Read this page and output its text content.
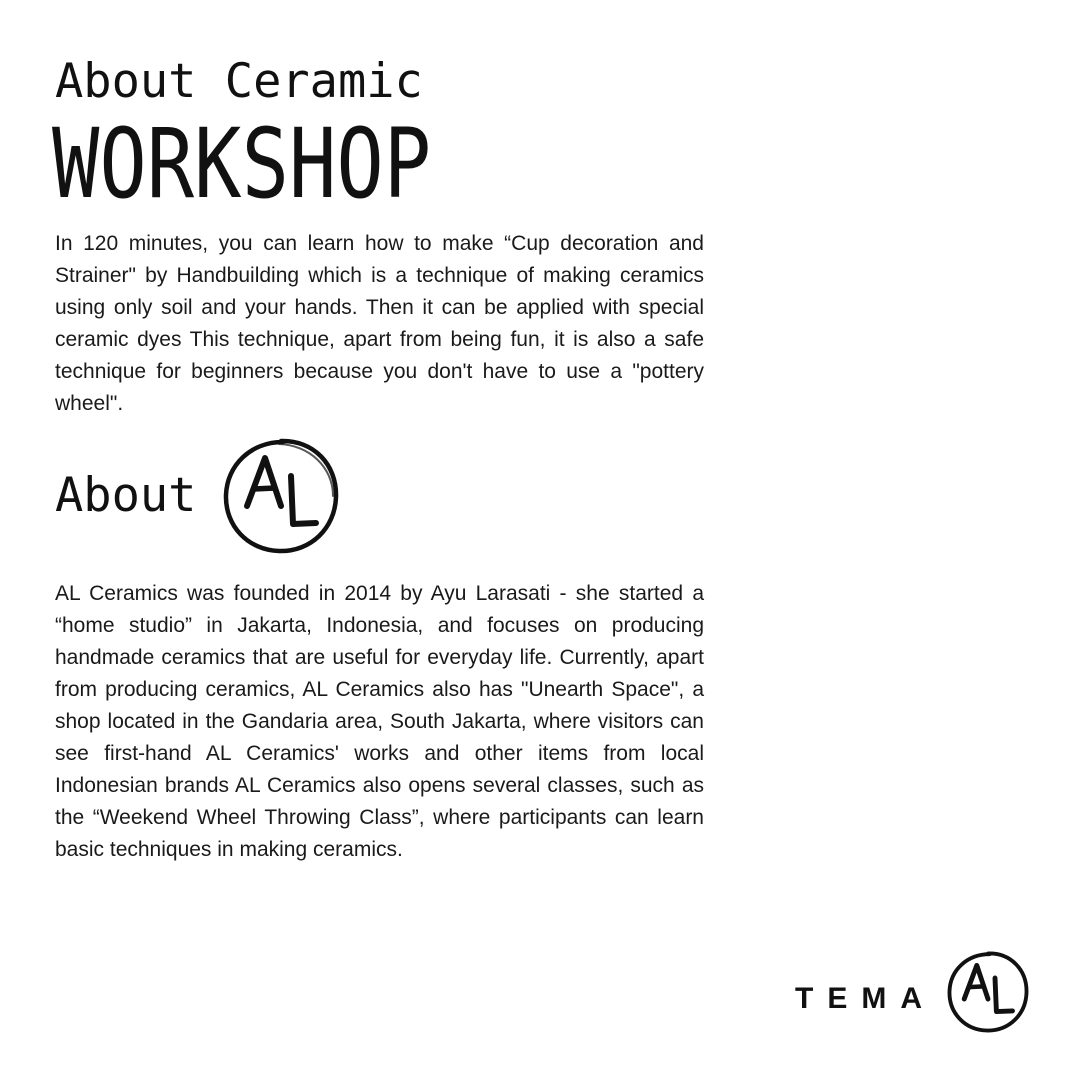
About Ceramic
WORKSHOP

In 120 minutes, you can learn how to make “Cup decoration and Strainer" by Handbuilding which is a technique of making ceramics using only soil and your hands. Then it can be applied with special ceramic dyes This technique, apart from being fun, it is also a safe technique for beginners because you don't have to use a "pottery wheel".

About

AL Ceramics was founded in 2014 by Ayu Larasati - she started a “home studio” in Jakarta, Indonesia, and focuses on producing handmade ceramics that are useful for everyday life. Currently, apart from producing ceramics, AL Ceramics also has "Unearth Space", a shop located in the Gandaria area, South Jakarta, where visitors can see first-hand AL Ceramics' works and other items from local Indonesian brands AL Ceramics also opens several classes, such as the “Weekend Wheel Throwing Class”, where participants can learn basic techniques in making ceramics.

TEMA
